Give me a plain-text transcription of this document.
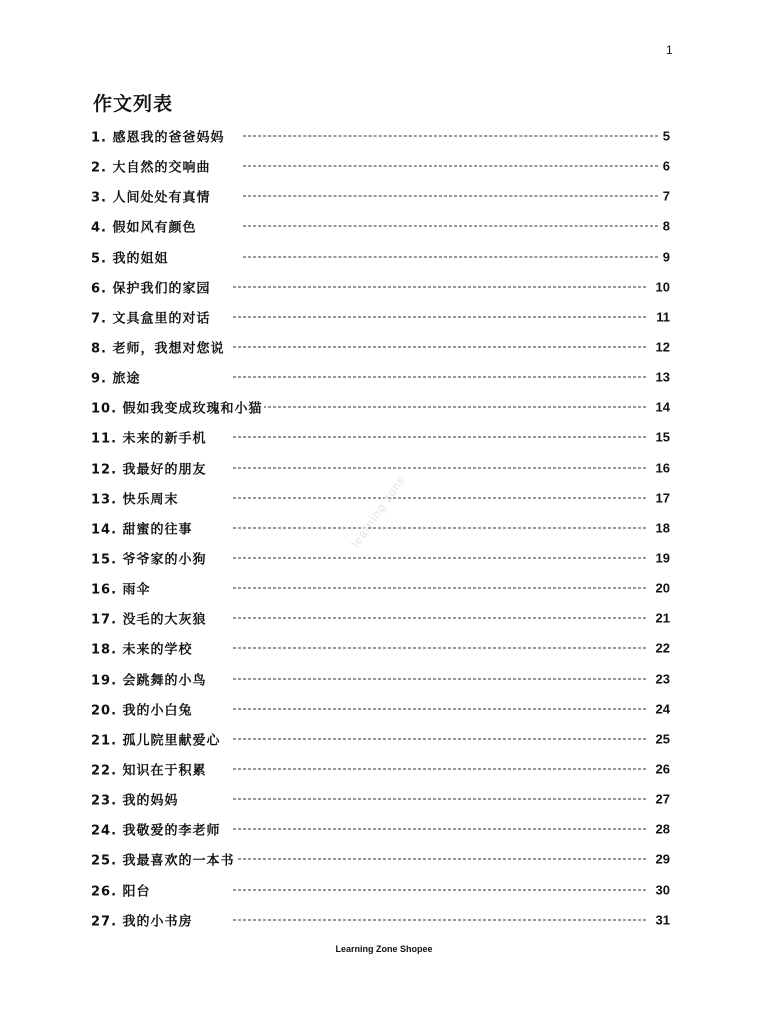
1
作文列表
1. 感恩我的爸爸妈妈	5
2. 大自然的交响曲	6
3. 人间处处有真情	7
4. 假如风有颜色	8
5. 我的姐姐	9
6. 保护我们的家园	10
7. 文具盒里的对话	11
8. 老师，我想对您说	12
9. 旅途	13
10. 假如我变成玫瑰和小猫	14
11. 未来的新手机	15
12. 我最好的朋友	16
13. 快乐周末	17
14. 甜蜜的往事	18
15. 爷爷家的小狗	19
16. 雨伞	20
17. 没毛的大灰狼	21
18. 未来的学校	22
19. 会跳舞的小鸟	23
20. 我的小白兔	24
21. 孤儿院里献爱心	25
22. 知识在于积累	26
23. 我的妈妈	27
24. 我敬爱的李老师	28
25. 我最喜欢的一本书	29
26. 阳台	30
27. 我的小书房	31
learning zone
Learning Zone Shopee
